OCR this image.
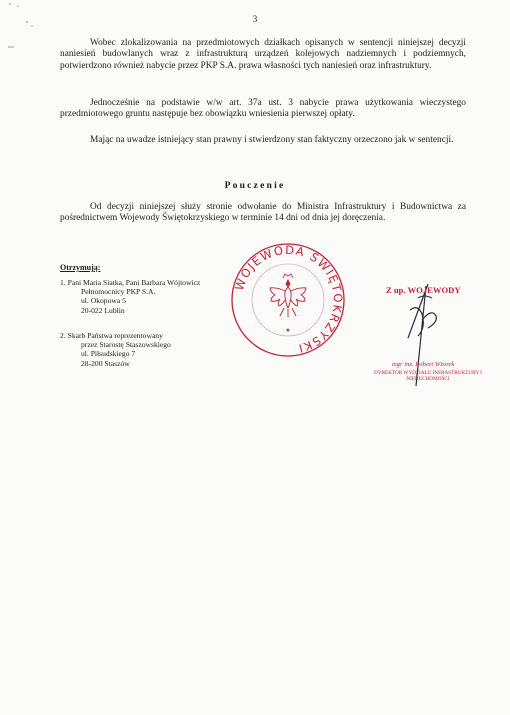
3
Wobec zlokalizowania na przedmiotowych działkach opisanych w sentencji niniejszej decyzji naniesień budowlanych wraz z infrastrukturą urządzeń kolejowych nadziemnych i podziemnych, potwierdzono również nabycie przez PKP S.A. prawa własności tych naniesień oraz infrastruktury.
Jednocześnie na podstawie w/w art. 37a ust. 3 nabycie prawa użytkowania wieczystego przedmiotowego gruntu następuje bez obowiązku wniesienia pierwszej opłaty.
Mając na uwadze istniejący stan prawny i stwierdzony stan faktyczny orzeczono jak w sentencji.
Pouczenie
Od decyzji niniejszej służy stronie odwołanie do Ministra Infrastruktury i Budownictwa za pośrednictwem Wojewody Świętokrzyskiego w terminie 14 dni od dnia jej doręczenia.
Otrzymują:
1. Pani Maria Siatka, Pani Barbara Wójtowicz
Pełnomocnicy PKP S.A.
ul. Okopowa 5
20-022 Lublin
2. Skarb Państwa reprezentowany
przez Starostę Staszowskiego
ul. Piłsudskiego 7
28-200 Staszów
WOJEWODA ŚWIĘTOKRZYSKI
★
Z up. WOJEWODY
mgr inż. Robert Wzorek
DYREKTOR WYDZIAŁU INFRASTRUKTURY I NIERUCHOMOŚCI
